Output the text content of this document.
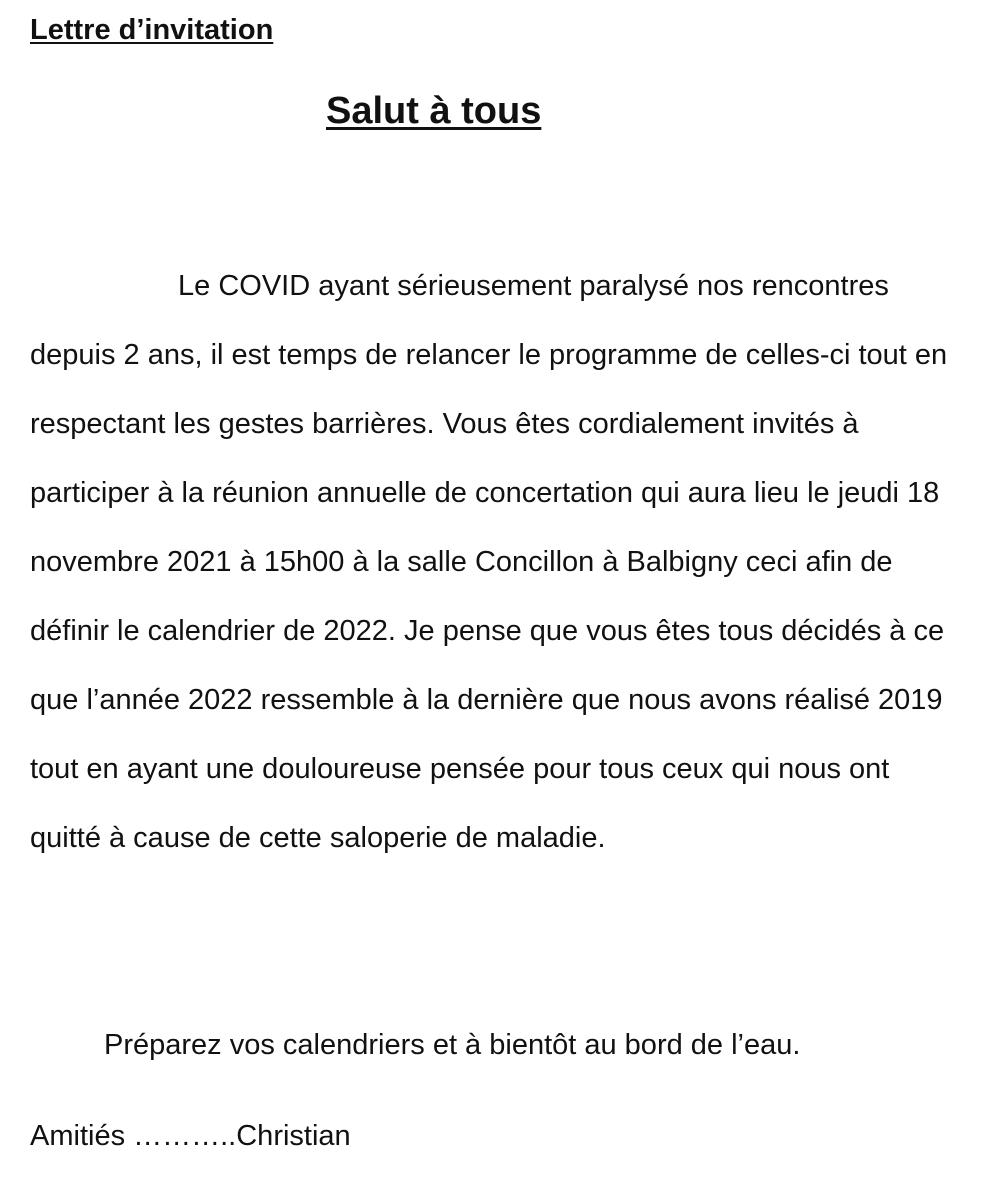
Lettre d’invitation
Salut à tous

Le COVID ayant sérieusement paralysé nos rencontres depuis 2 ans, il est temps de relancer le programme de celles-ci tout en respectant les gestes barrières. Vous êtes cordialement invités à participer à la réunion annuelle de concertation qui aura lieu le jeudi 18 novembre 2021 à 15h00 à la salle Concillon à Balbigny ceci afin de définir le calendrier de 2022. Je pense que vous êtes tous décidés à ce que l’année 2022 ressemble à la dernière que nous avons réalisé 2019 tout en ayant une douloureuse pensée pour tous ceux qui nous ont quitté à cause de cette saloperie de maladie.

Préparez vos calendriers et à bientôt au bord de l’eau.

Amitiés ………..Christian
